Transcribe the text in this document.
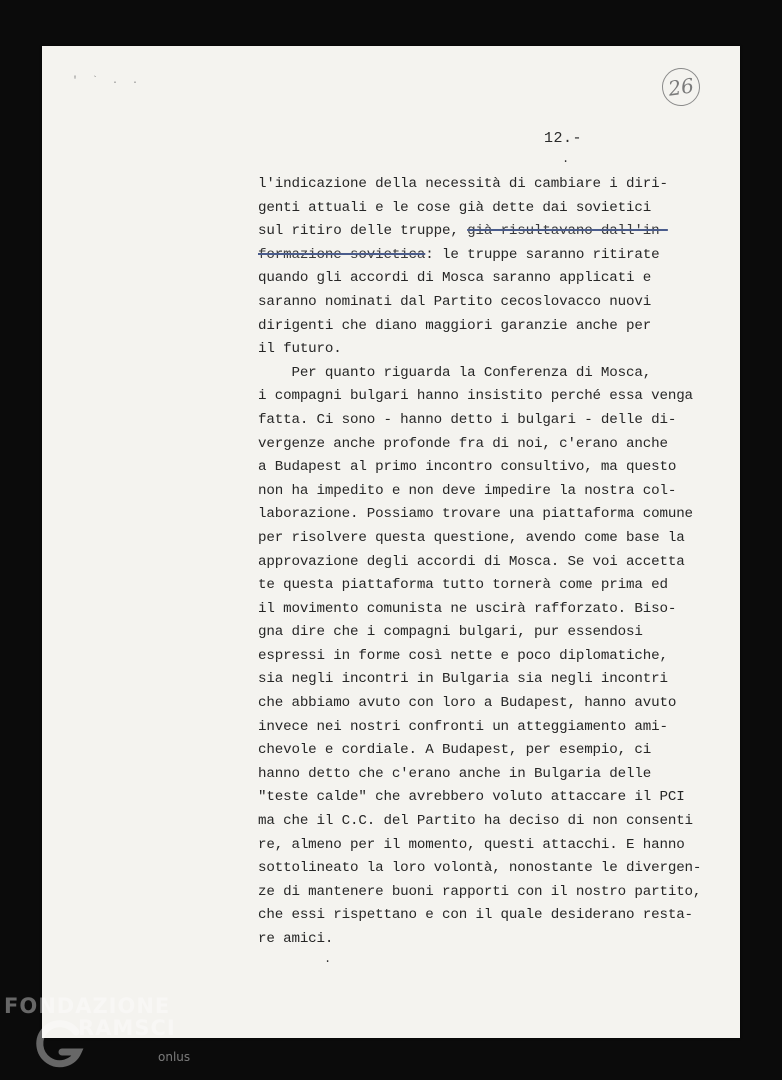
' ` . .	26
12.-
.
l'indicazione della necessità di cambiare i diri-
genti attuali e le cose già dette dai sovietici
sul ritiro delle truppe, già risultavano dall'in-
formazione sovietica: le truppe saranno ritirate
quando gli accordi di Mosca saranno applicati e
saranno nominati dal Partito cecoslovacco nuovi
dirigenti che diano maggiori garanzie anche per
il futuro.
Per quanto riguarda la Conferenza di Mosca,
i compagni bulgari hanno insistito perché essa venga
fatta. Ci sono - hanno detto i bulgari - delle di-
vergenze anche profonde fra di noi, c'erano anche
a Budapest al primo incontro consultivo, ma questo
non ha impedito e non deve impedire la nostra col-
laborazione. Possiamo trovare una piattaforma comune
per risolvere questa questione, avendo come base la
approvazione degli accordi di Mosca. Se voi accetta
te questa piattaforma tutto tornerà come prima ed
il movimento comunista ne uscirà rafforzato. Biso-
gna dire che i compagni bulgari, pur essendosi
espressi in forme così nette e poco diplomatiche,
sia negli incontri in Bulgaria sia negli incontri
che abbiamo avuto con loro a Budapest, hanno avuto
invece nei nostri confronti un atteggiamento ami-
chevole e cordiale. A Budapest, per esempio, ci
hanno detto che c'erano anche in Bulgaria delle
"teste calde" che avrebbero voluto attaccare il PCI
ma che il C.C. del Partito ha deciso di non consenti
re, almeno per il momento, questi attacchi. E hanno
sottolineato la loro volontà, nonostante le divergen-
ze di mantenere buoni rapporti con il nostro partito,
che essi rispettano e con il quale desiderano resta-
re amici.
.
FONDAZIONE
RAMSCI
onlus
